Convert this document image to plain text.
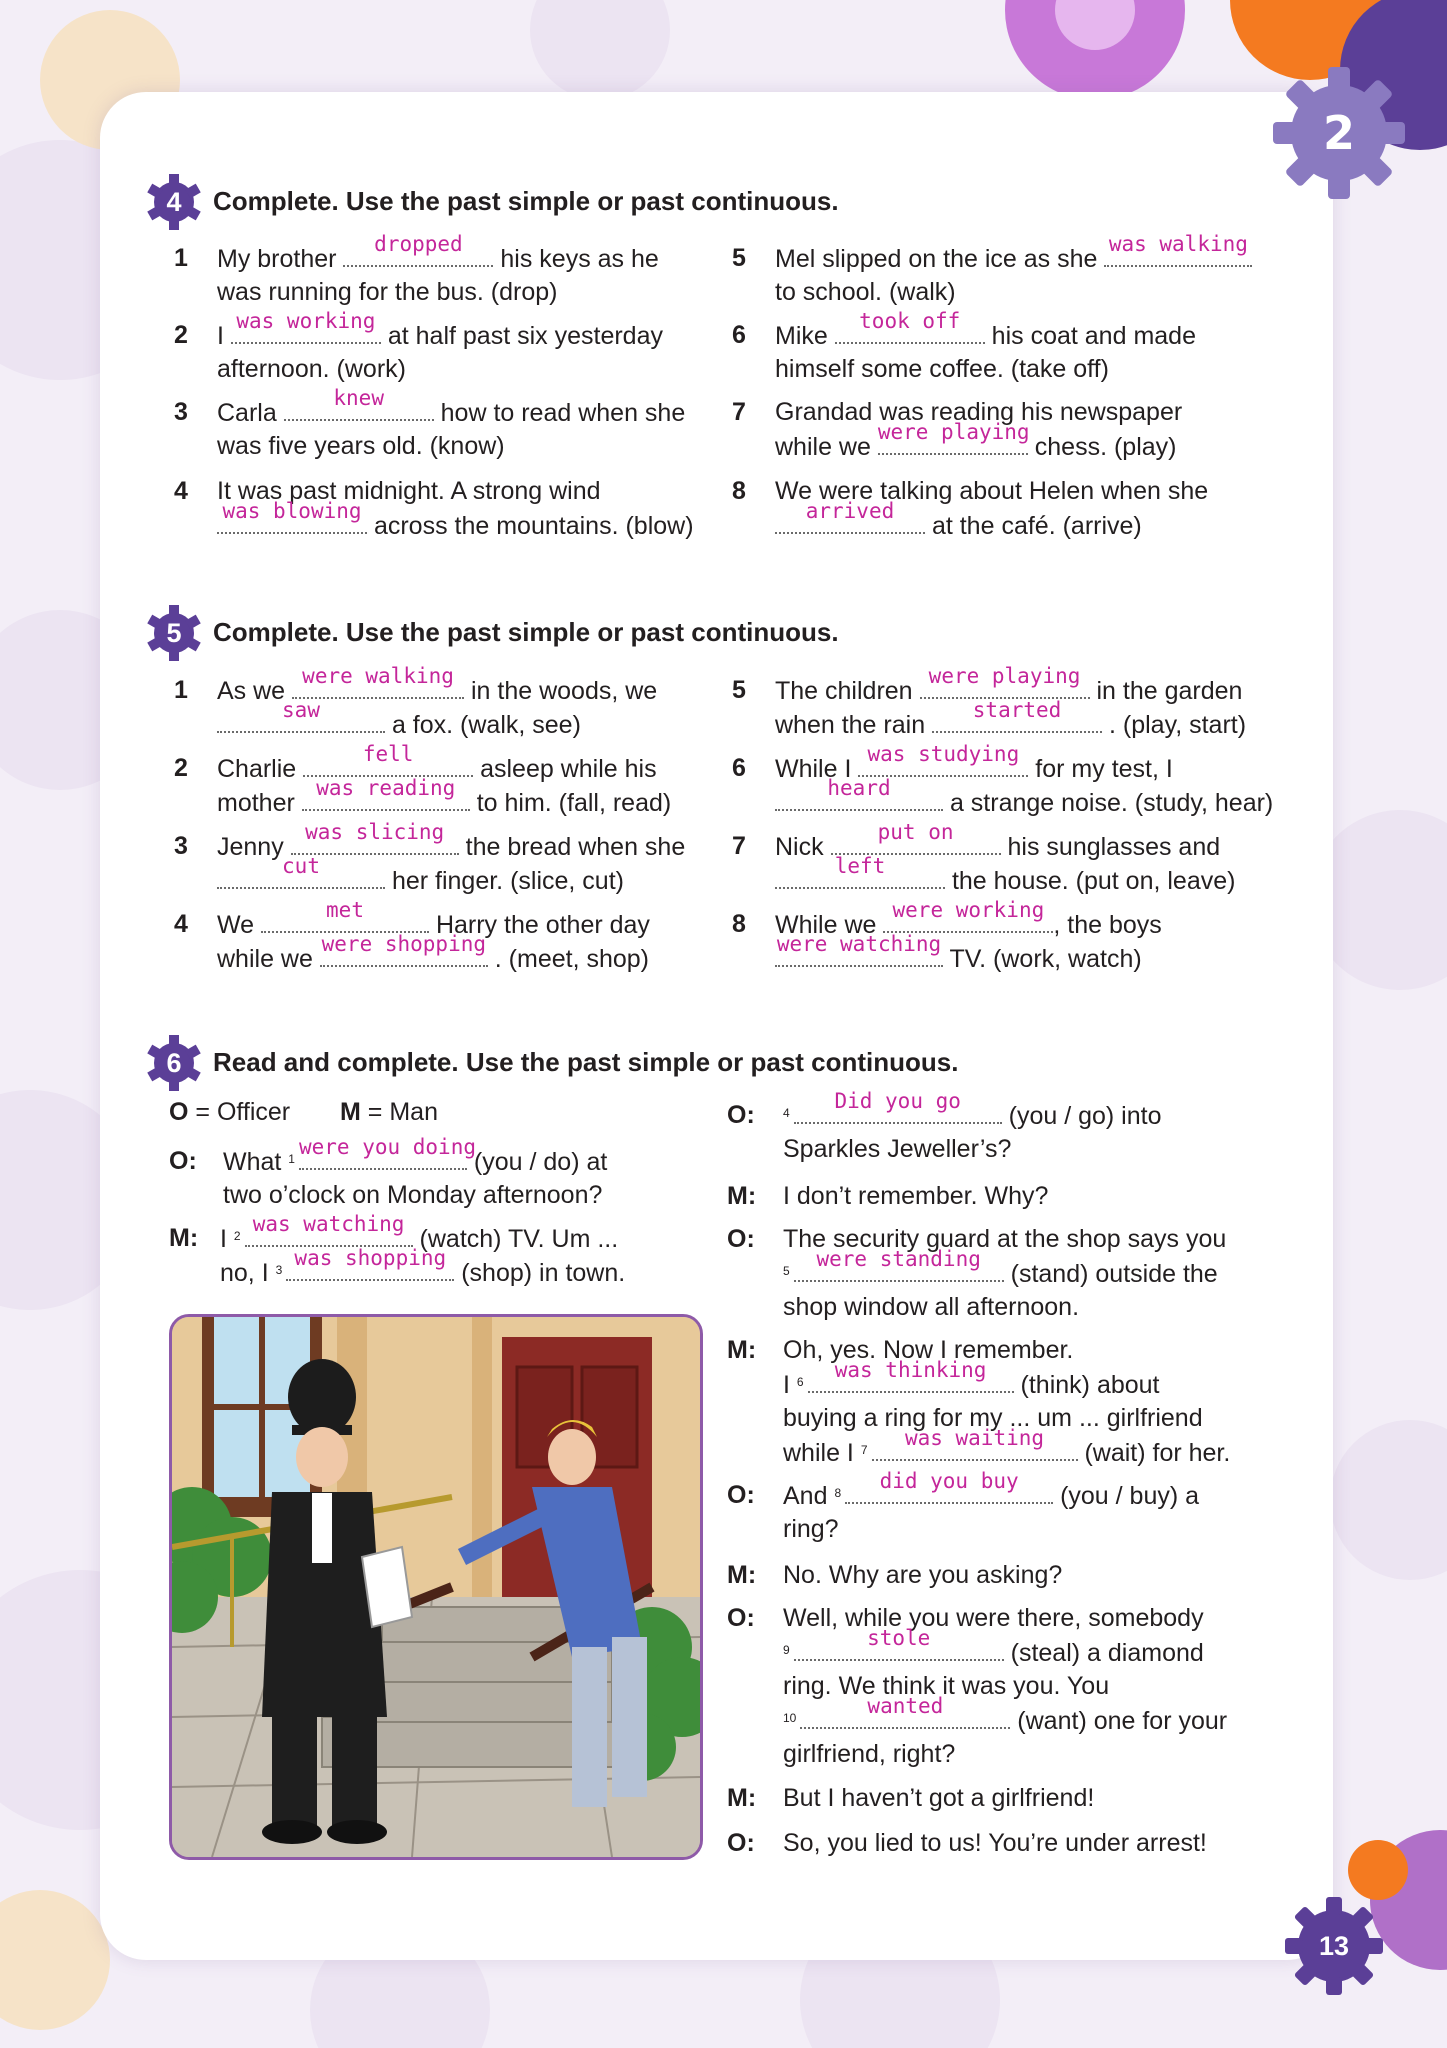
2
4	Complete. Use the past simple or past continuous.
1 My brother
dropped
his keys as he
was running for the bus. (drop)
2 I
was working
at half past six yesterday
afternoon. (work)
3 Carla
knew
how to read when she
was five years old. (know)
4 It was past midnight. A strong wind
was blowing
across the mountains. (blow)
5 Mel slipped on the ice as she
was walking
to school. (walk)
6 Mike
took off
his coat and made
himself some coffee. (take off)
7 Grandad was reading his newspaper
while we
were playing
chess. (play)
8 We were talking about Helen when she
arrived
at the café. (arrive)
5	Complete. Use the past simple or past continuous.
1 As we
were walking
in the woods, we
saw
a fox. (walk, see)
2 Charlie
fell
asleep while his
mother
was reading
to him. (fall, read)
3 Jenny
was slicing
the bread when she
cut
her finger. (slice, cut)
4 We
met
Harry the other day
while we
were shopping
. (meet, shop)
5 The children
were playing
in the garden
when the rain
started
. (play, start)
6 While I
was studying
for my test, I
heard
a strange noise. (study, hear)
7 Nick
put on
his sunglasses and
left
the house. (put on, leave)
8 While we
were working
, the boys
were watching
TV. (work, watch)
6	Read and complete. Use the past simple or past continuous.
O = Officer M = Man
O: What $^1$ were you doing
(you / do) at
two o’clock on Monday afternoon?
M: I $^2$ was watching
(watch) TV. Um ...
no, I $^3$ was shopping
(shop) in town.
O: $^4$	Did you go
(you / go) into
Sparkles Jeweller’s?
M: I don’t remember. Why?
O: The security guard at the shop says you
$^5$	were standing
(stand) outside the
shop window all afternoon.
M: Oh, yes. Now I remember.
I $^6$	was thinking
(think) about
buying a ring for my ... um ... girlfriend
while I $^7$	was waiting
(wait) for her.
O: And $^8$	did you buy
(you / buy) a
ring?
M: No. Why are you asking?
O: Well, while you were there, somebody
$^9$	stole
(steal) a diamond
ring. We think it was you. You
$^{10}$	wanted
(want) one for your
girlfriend, right?
M: But I haven’t got a girlfriend!
O: So, you lied to us! You’re under arrest!
13
